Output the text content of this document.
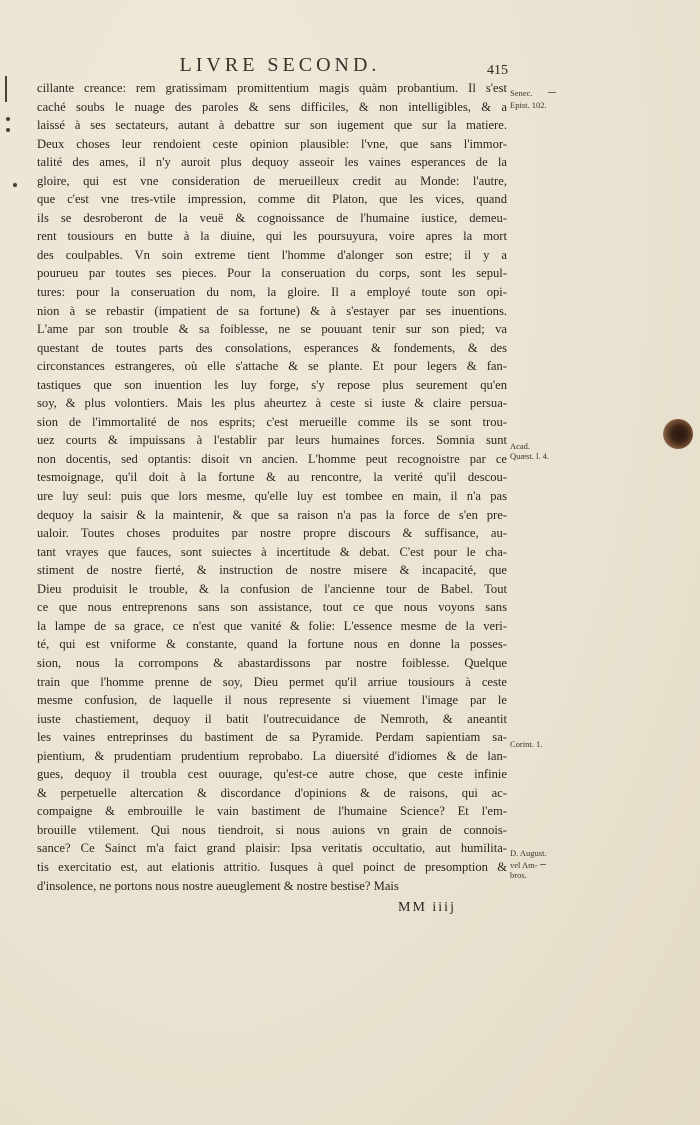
LIVRE SECOND.	415
cillante creance: rem gratissimam promittentium magis quàm probantium. Il s'est
caché soubs le nuage des paroles & sens difficiles, & non intelligibles, & a
laissé à ses sectateurs, autant à debattre sur son iugement que sur la matiere.
Deux choses leur rendoient ceste opinion plausible: l'vne, que sans l'immor-
talité des ames, il n'y auroit plus dequoy asseoir les vaines esperances de la
gloire, qui est vne consideration de merueilleux credit au Monde: l'autre,
que c'est vne tres-vtile impression, comme dit Platon, que les vices, quand
ils se desroberont de la veuë & cognoissance de l'humaine iustice, demeu-
rent tousiours en butte à la diuine, qui les poursuyura, voire apres la mort
des coulpables. Vn soin extreme tient l'homme d'alonger son estre; il y a
pourueu par toutes ses pieces. Pour la conseruation du corps, sont les sepul-
tures: pour la conseruation du nom, la gloire. Il a employé toute son opi-
nion à se rebastir (impatient de sa fortune) & à s'estayer par ses inuentions.
L'ame par son trouble & sa foiblesse, ne se pouuant tenir sur son pied; va
questant de toutes parts des consolations, esperances & fondements, & des
circonstances estrangeres, où elle s'attache & se plante. Et pour legers & fan-
tastiques que son inuention les luy forge, s'y repose plus seurement qu'en
soy, & plus volontiers. Mais les plus aheurtez à ceste si iuste & claire persua-
sion de l'immortalité de nos esprits; c'est merueille comme ils se sont trou-
uez courts & impuissans à l'establir par leurs humaines forces. Somnia sunt
non docentis, sed optantis: disoit vn ancien. L'homme peut recognoistre par ce
tesmoignage, qu'il doit à la fortune & au rencontre, la verité qu'il descou-
ure luy seul: puis que lors mesme, qu'elle luy est tombee en main, il n'a pas
dequoy la saisir & la maintenir, & que sa raison n'a pas la force de s'en pre-
ualoir. Toutes choses produites par nostre propre discours & suffisance, au-
tant vrayes que fauces, sont suiectes à incertitude & debat. C'est pour le cha-
stiment de nostre fierté, & instruction de nostre misere & incapacité, que
Dieu produisit le trouble, & la confusion de l'ancienne tour de Babel. Tout
ce que nous entreprenons sans son assistance, tout ce que nous voyons sans
la lampe de sa grace, ce n'est que vanité & folie: L'essence mesme de la veri-
té, qui est vniforme & constante, quand la fortune nous en donne la posses-
sion, nous la corrompons & abastardissons par nostre foiblesse. Quelque
train que l'homme prenne de soy, Dieu permet qu'il arriue tousiours à ceste
mesme confusion, de laquelle il nous represente si viuement l'image par le
iuste chastiement, dequoy il batit l'outrecuidance de Nemroth, & aneantit
les vaines entreprinses du bastiment de sa Pyramide. Perdam sapientiam sa-
pientium, & prudentiam prudentium reprobabo. La diuersité d'idiomes & de lan-
gues, dequoy il troubla cest ouurage, qu'est-ce autre chose, que ceste infinie
& perpetuelle altercation & discordance d'opinions & de raisons, qui ac-
compaigne & embrouille le vain bastiment de l'humaine Science? Et l'em-
brouille vtilement. Qui nous tiendroit, si nous auions vn grain de connois-
sance? Ce Sainct m'a faict grand plaisir: Ipsa veritatis occultatio, aut humilita-
tis exercitatio est, aut elationis attritio. Iusques à quel poinct de presomption &
d'insolence, ne portons nous nostre aueuglement & nostre bestise? Mais
Senec.
Epist. 102.
Acad.
Quæst. l. 4.
Corint. 1.
D. August.
vel Am-
bros.
MM iiij
